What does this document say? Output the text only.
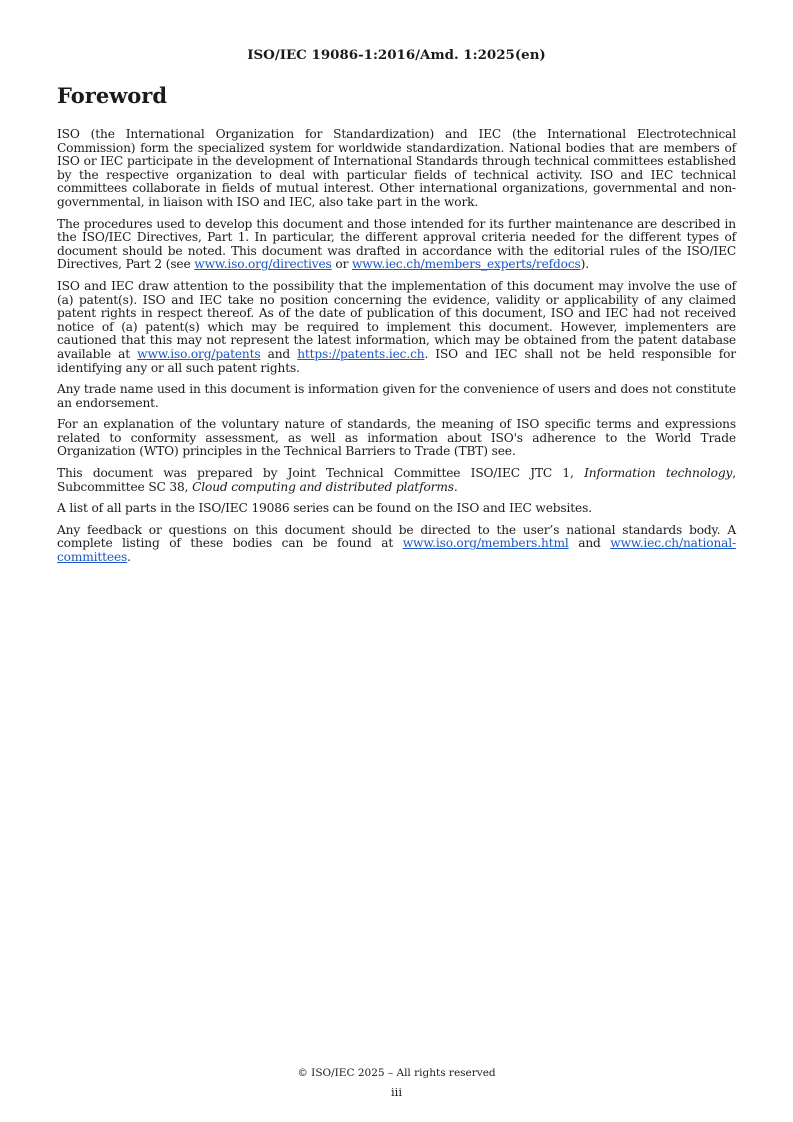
ISO/IEC 19086-1:2016/Amd. 1:2025(en)
Foreword

ISO (the International Organization for Standardization) and IEC (the International Electrotechnical Commission) form the specialized system for worldwide standardization. National bodies that are members of ISO or IEC participate in the development of International Standards through technical committees established by the respective organization to deal with particular fields of technical activity. ISO and IEC technical committees collaborate in fields of mutual interest. Other international organizations, governmental and non-governmental, in liaison with ISO and IEC, also take part in the work.

The procedures used to develop this document and those intended for its further maintenance are described in the ISO/IEC Directives, Part 1. In particular, the different approval criteria needed for the different types of document should be noted. This document was drafted in accordance with the editorial rules of the ISO/IEC Directives, Part 2 (see www.iso.org/directives or www.iec.ch/members_experts/refdocs).

ISO and IEC draw attention to the possibility that the implementation of this document may involve the use of (a) patent(s). ISO and IEC take no position concerning the evidence, validity or applicability of any claimed patent rights in respect thereof. As of the date of publication of this document, ISO and IEC had not received notice of (a) patent(s) which may be required to implement this document. However, implementers are cautioned that this may not represent the latest information, which may be obtained from the patent database available at www.iso.org/patents and https://patents.iec.ch. ISO and IEC shall not be held responsible for identifying any or all such patent rights.

Any trade name used in this document is information given for the convenience of users and does not constitute an endorsement.

For an explanation of the voluntary nature of standards, the meaning of ISO specific terms and expressions related to conformity assessment, as well as information about ISO's adherence to the World Trade Organization (WTO) principles in the Technical Barriers to Trade (TBT) see.

This document was prepared by Joint Technical Committee ISO/IEC JTC 1, Information technology, Subcommittee SC 38, Cloud computing and distributed platforms.

A list of all parts in the ISO/IEC 19086 series can be found on the ISO and IEC websites.

Any feedback or questions on this document should be directed to the user’s national standards body. A complete listing of these bodies can be found at www.iso.org/members.html and www.iec.ch/national-committees.

© ISO/IEC 2025 – All rights reserved
iii
